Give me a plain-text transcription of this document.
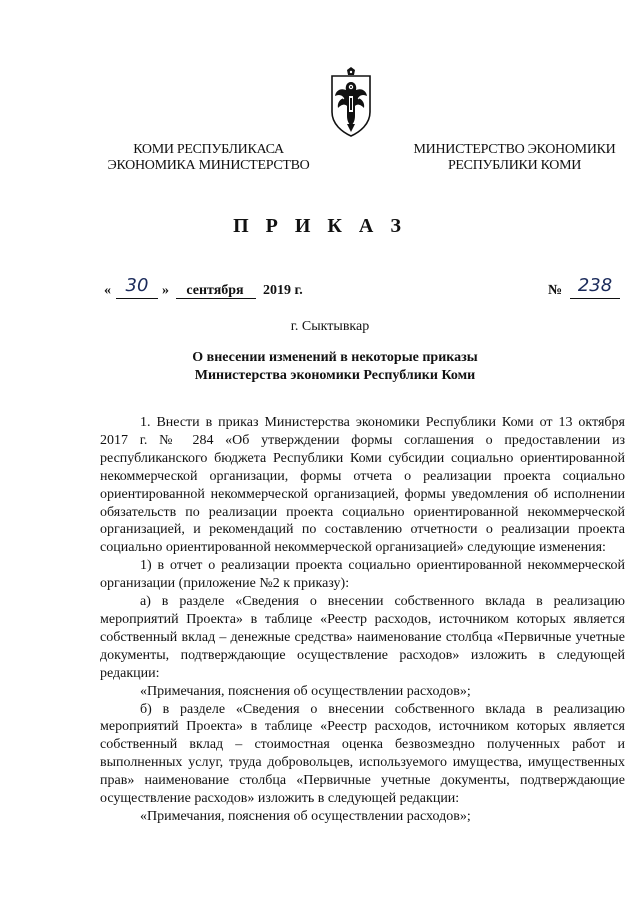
КОМИ РЕСПУБЛИКАСА
ЭКОНОМИКА МИНИСТЕРСТВО
МИНИСТЕРСТВО ЭКОНОМИКИ
РЕСПУБЛИКИ КОМИ
П Р И К А З
« 30 »	сентября	2019 г.	№ 238
г. Сыктывкар
О внесении изменений в некоторые приказы
Министерства экономики Республики Коми

1. Внести в приказ Министерства экономики Республики Коми от 13 октября 2017 г. № 284 «Об утверждении формы соглашения о предоставлении из республиканского бюджета Республики Коми субсидии социально ориентированной некоммерческой организации, формы отчета о реализации проекта социально ориентированной некоммерческой организацией, формы уведомления об исполнении обязательств по реализации проекта социально ориентированной некоммерческой организацией, и рекомендаций по составлению отчетности о реализации проекта социально ориентированной некоммерческой организацией» следующие изменения:

1) в отчет о реализации проекта социально ориентированной некоммерческой организации (приложение №2 к приказу):

а) в разделе «Сведения о внесении собственного вклада в реализацию мероприятий Проекта» в таблице «Реестр расходов, источником которых является собственный вклад – денежные средства» наименование столбца «Первичные учетные документы, подтверждающие осуществление расходов» изложить в следующей редакции:

«Примечания, пояснения об осуществлении расходов»;

б) в разделе «Сведения о внесении собственного вклада в реализацию мероприятий Проекта» в таблице «Реестр расходов, источником которых является собственный вклад – стоимостная оценка безвозмездно полученных работ и выполненных услуг, труда добровольцев, используемого имущества, имущественных прав» наименование столбца «Первичные учетные документы, подтверждающие осуществление расходов» изложить в следующей редакции:

«Примечания, пояснения об осуществлении расходов»;
